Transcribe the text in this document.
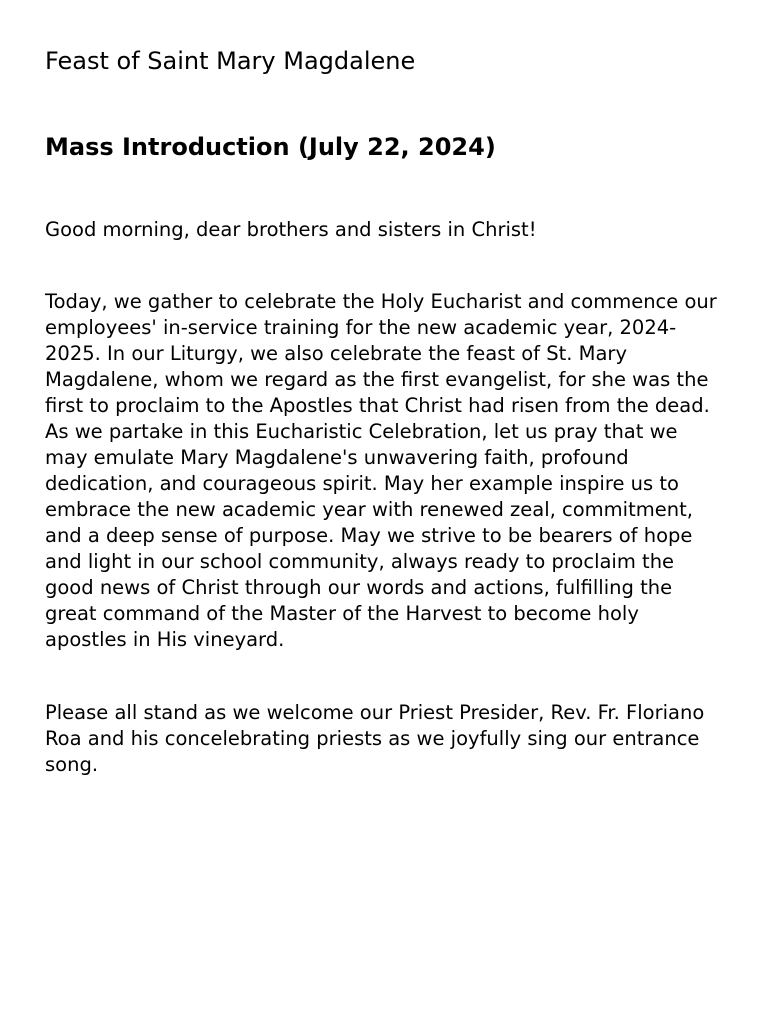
Feast of Saint Mary Magdalene
Mass Introduction (July 22, 2024)

Good morning, dear brothers and sisters in Christ!

Today, we gather to celebrate the Holy Eucharist and commence our employees' in-service training for the new academic year, 2024-2025. In our Liturgy, we also celebrate the feast of St. Mary Magdalene, whom we regard as the first evangelist, for she was the first to proclaim to the Apostles that Christ had risen from the dead. As we partake in this Eucharistic Celebration, let us pray that we may emulate Mary Magdalene's unwavering faith, profound dedication, and courageous spirit. May her example inspire us to embrace the new academic year with renewed zeal, commitment, and a deep sense of purpose. May we strive to be bearers of hope and light in our school community, always ready to proclaim the good news of Christ through our words and actions, fulfilling the great command of the Master of the Harvest to become holy apostles in His vineyard.

Please all stand as we welcome our Priest Presider, Rev. Fr. Floriano Roa and his concelebrating priests as we joyfully sing our entrance song.
